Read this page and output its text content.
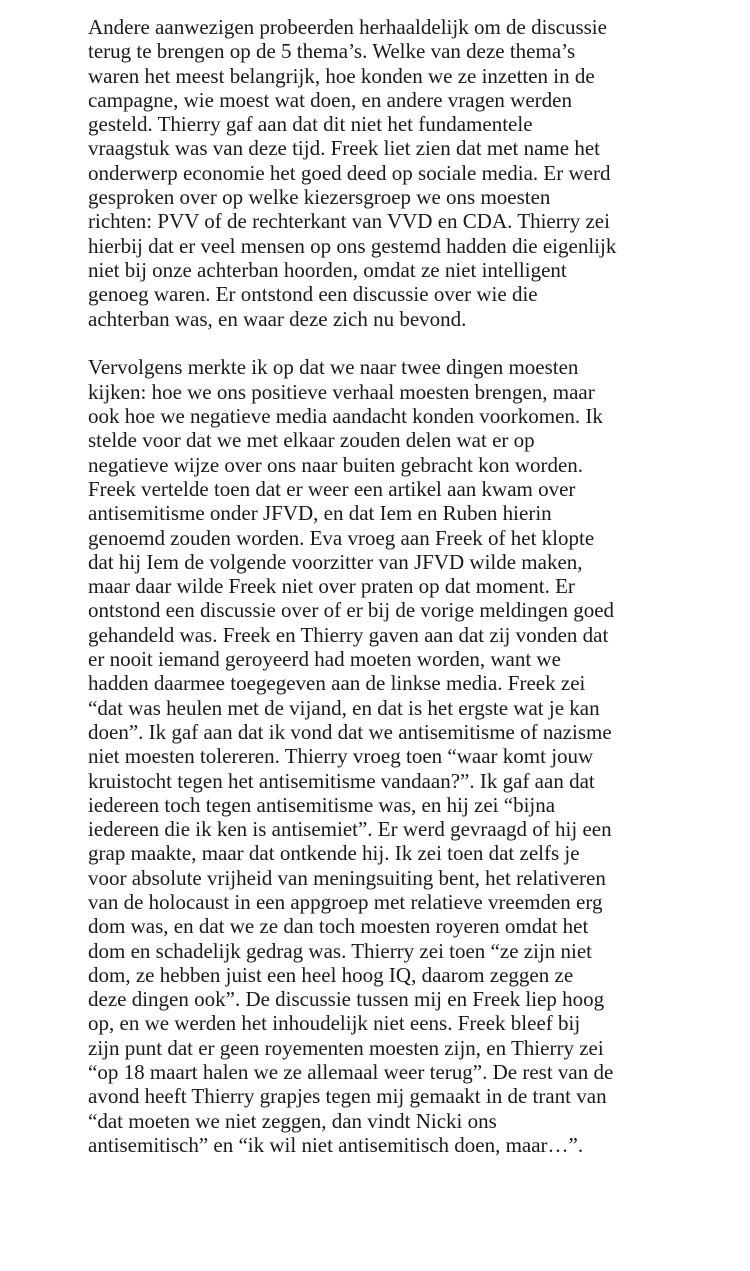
Andere aanwezigen probeerden herhaaldelijk om de discussie
terug te brengen op de 5 thema’s. Welke van deze thema’s
waren het meest belangrijk, hoe konden we ze inzetten in de
campagne, wie moest wat doen, en andere vragen werden
gesteld. Thierry gaf aan dat dit niet het fundamentele
vraagstuk was van deze tijd. Freek liet zien dat met name het
onderwerp economie het goed deed op sociale media. Er werd
gesproken over op welke kiezersgroep we ons moesten
richten: PVV of de rechterkant van VVD en CDA. Thierry zei
hierbij dat er veel mensen op ons gestemd hadden die eigenlijk
niet bij onze achterban hoorden, omdat ze niet intelligent
genoeg waren. Er ontstond een discussie over wie die
achterban was, en waar deze zich nu bevond.
Vervolgens merkte ik op dat we naar twee dingen moesten
kijken: hoe we ons positieve verhaal moesten brengen, maar
ook hoe we negatieve media aandacht konden voorkomen. Ik
stelde voor dat we met elkaar zouden delen wat er op
negatieve wijze over ons naar buiten gebracht kon worden.
Freek vertelde toen dat er weer een artikel aan kwam over
antisemitisme onder JFVD, en dat Iem en Ruben hierin
genoemd zouden worden. Eva vroeg aan Freek of het klopte
dat hij Iem de volgende voorzitter van JFVD wilde maken,
maar daar wilde Freek niet over praten op dat moment. Er
ontstond een discussie over of er bij de vorige meldingen goed
gehandeld was. Freek en Thierry gaven aan dat zij vonden dat
er nooit iemand geroyeerd had moeten worden, want we
hadden daarmee toegegeven aan de linkse media. Freek zei
“dat was heulen met de vijand, en dat is het ergste wat je kan
doen”. Ik gaf aan dat ik vond dat we antisemitisme of nazisme
niet moesten tolereren. Thierry vroeg toen “waar komt jouw
kruistocht tegen het antisemitisme vandaan?”. Ik gaf aan dat
iedereen toch tegen antisemitisme was, en hij zei “bijna
iedereen die ik ken is antisemiet”. Er werd gevraagd of hij een
grap maakte, maar dat ontkende hij. Ik zei toen dat zelfs je
voor absolute vrijheid van meningsuiting bent, het relativeren
van de holocaust in een appgroep met relatieve vreemden erg
dom was, en dat we ze dan toch moesten royeren omdat het
dom en schadelijk gedrag was. Thierry zei toen “ze zijn niet
dom, ze hebben juist een heel hoog IQ, daarom zeggen ze
deze dingen ook”. De discussie tussen mij en Freek liep hoog
op, en we werden het inhoudelijk niet eens. Freek bleef bij
zijn punt dat er geen royementen moesten zijn, en Thierry zei
“op 18 maart halen we ze allemaal weer terug”. De rest van de
avond heeft Thierry grapjes tegen mij gemaakt in de trant van
“dat moeten we niet zeggen, dan vindt Nicki ons
antisemitisch” en “ik wil niet antisemitisch doen, maar…”.
